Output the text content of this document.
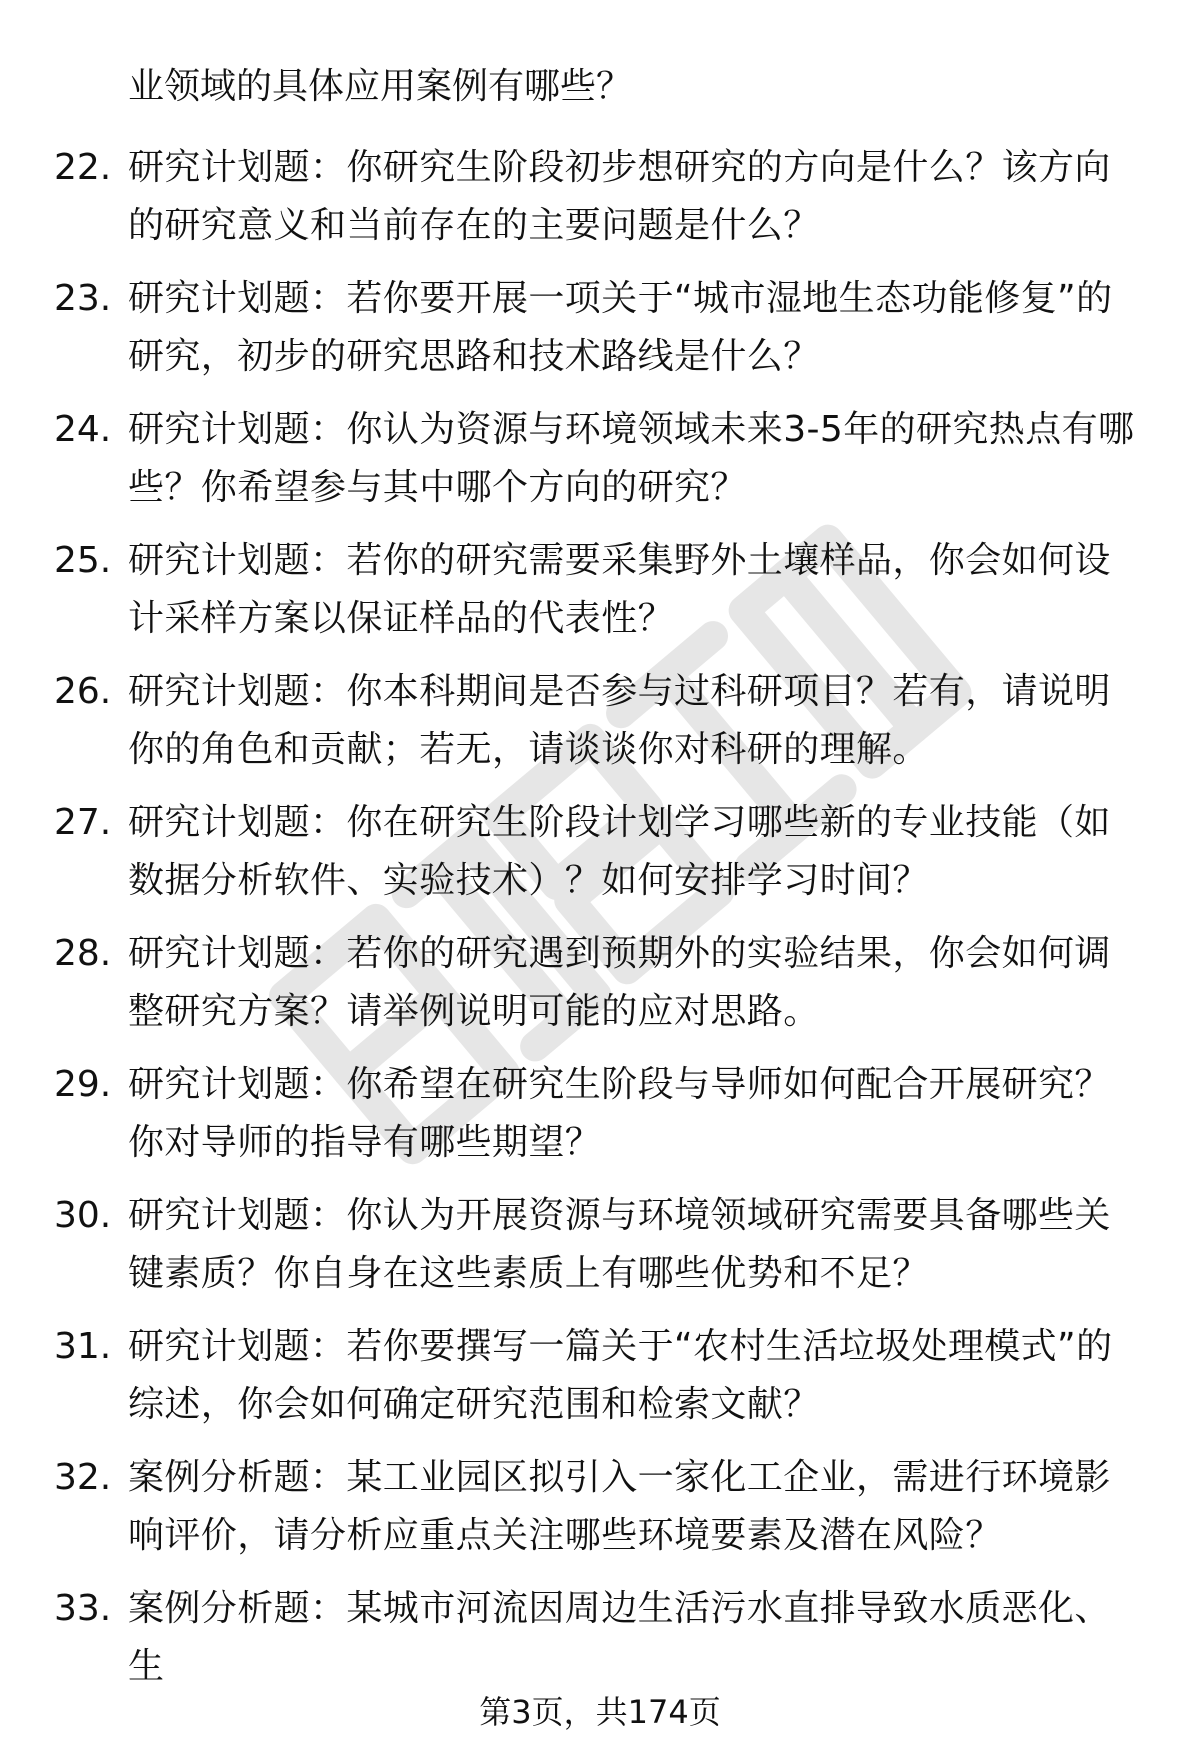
业领域的具体应用案例有哪些？

22. 研究计划题：你研究生阶段初步想研究的方向是什么？该方向的研究意义和当前存在的主要问题是什么？
23. 研究计划题：若你要开展一项关于“城市湿地生态功能修复”的研究，初步的研究思路和技术路线是什么？
24. 研究计划题：你认为资源与环境领域未来3-5年的研究热点有哪些？你希望参与其中哪个方向的研究？
25. 研究计划题：若你的研究需要采集野外土壤样品，你会如何设计采样方案以保证样品的代表性？
26. 研究计划题：你本科期间是否参与过科研项目？若有，请说明你的角色和贡献；若无，请谈谈你对科研的理解。
27. 研究计划题：你在研究生阶段计划学习哪些新的专业技能（如数据分析软件、实验技术）？如何安排学习时间？
28. 研究计划题：若你的研究遇到预期外的实验结果，你会如何调整研究方案？请举例说明可能的应对思路。
29. 研究计划题：你希望在研究生阶段与导师如何配合开展研究？你对导师的指导有哪些期望？
30. 研究计划题：你认为开展资源与环境领域研究需要具备哪些关键素质？你自身在这些素质上有哪些优势和不足？
31. 研究计划题：若你要撰写一篇关于“农村生活垃圾处理模式”的综述，你会如何确定研究范围和检索文献？
32. 案例分析题：某工业园区拟引入一家化工企业，需进行环境影响评价，请分析应重点关注哪些环境要素及潜在风险？
33. 案例分析题：某城市河流因周边生活污水直排导致水质恶化、生
第3页，共174页
